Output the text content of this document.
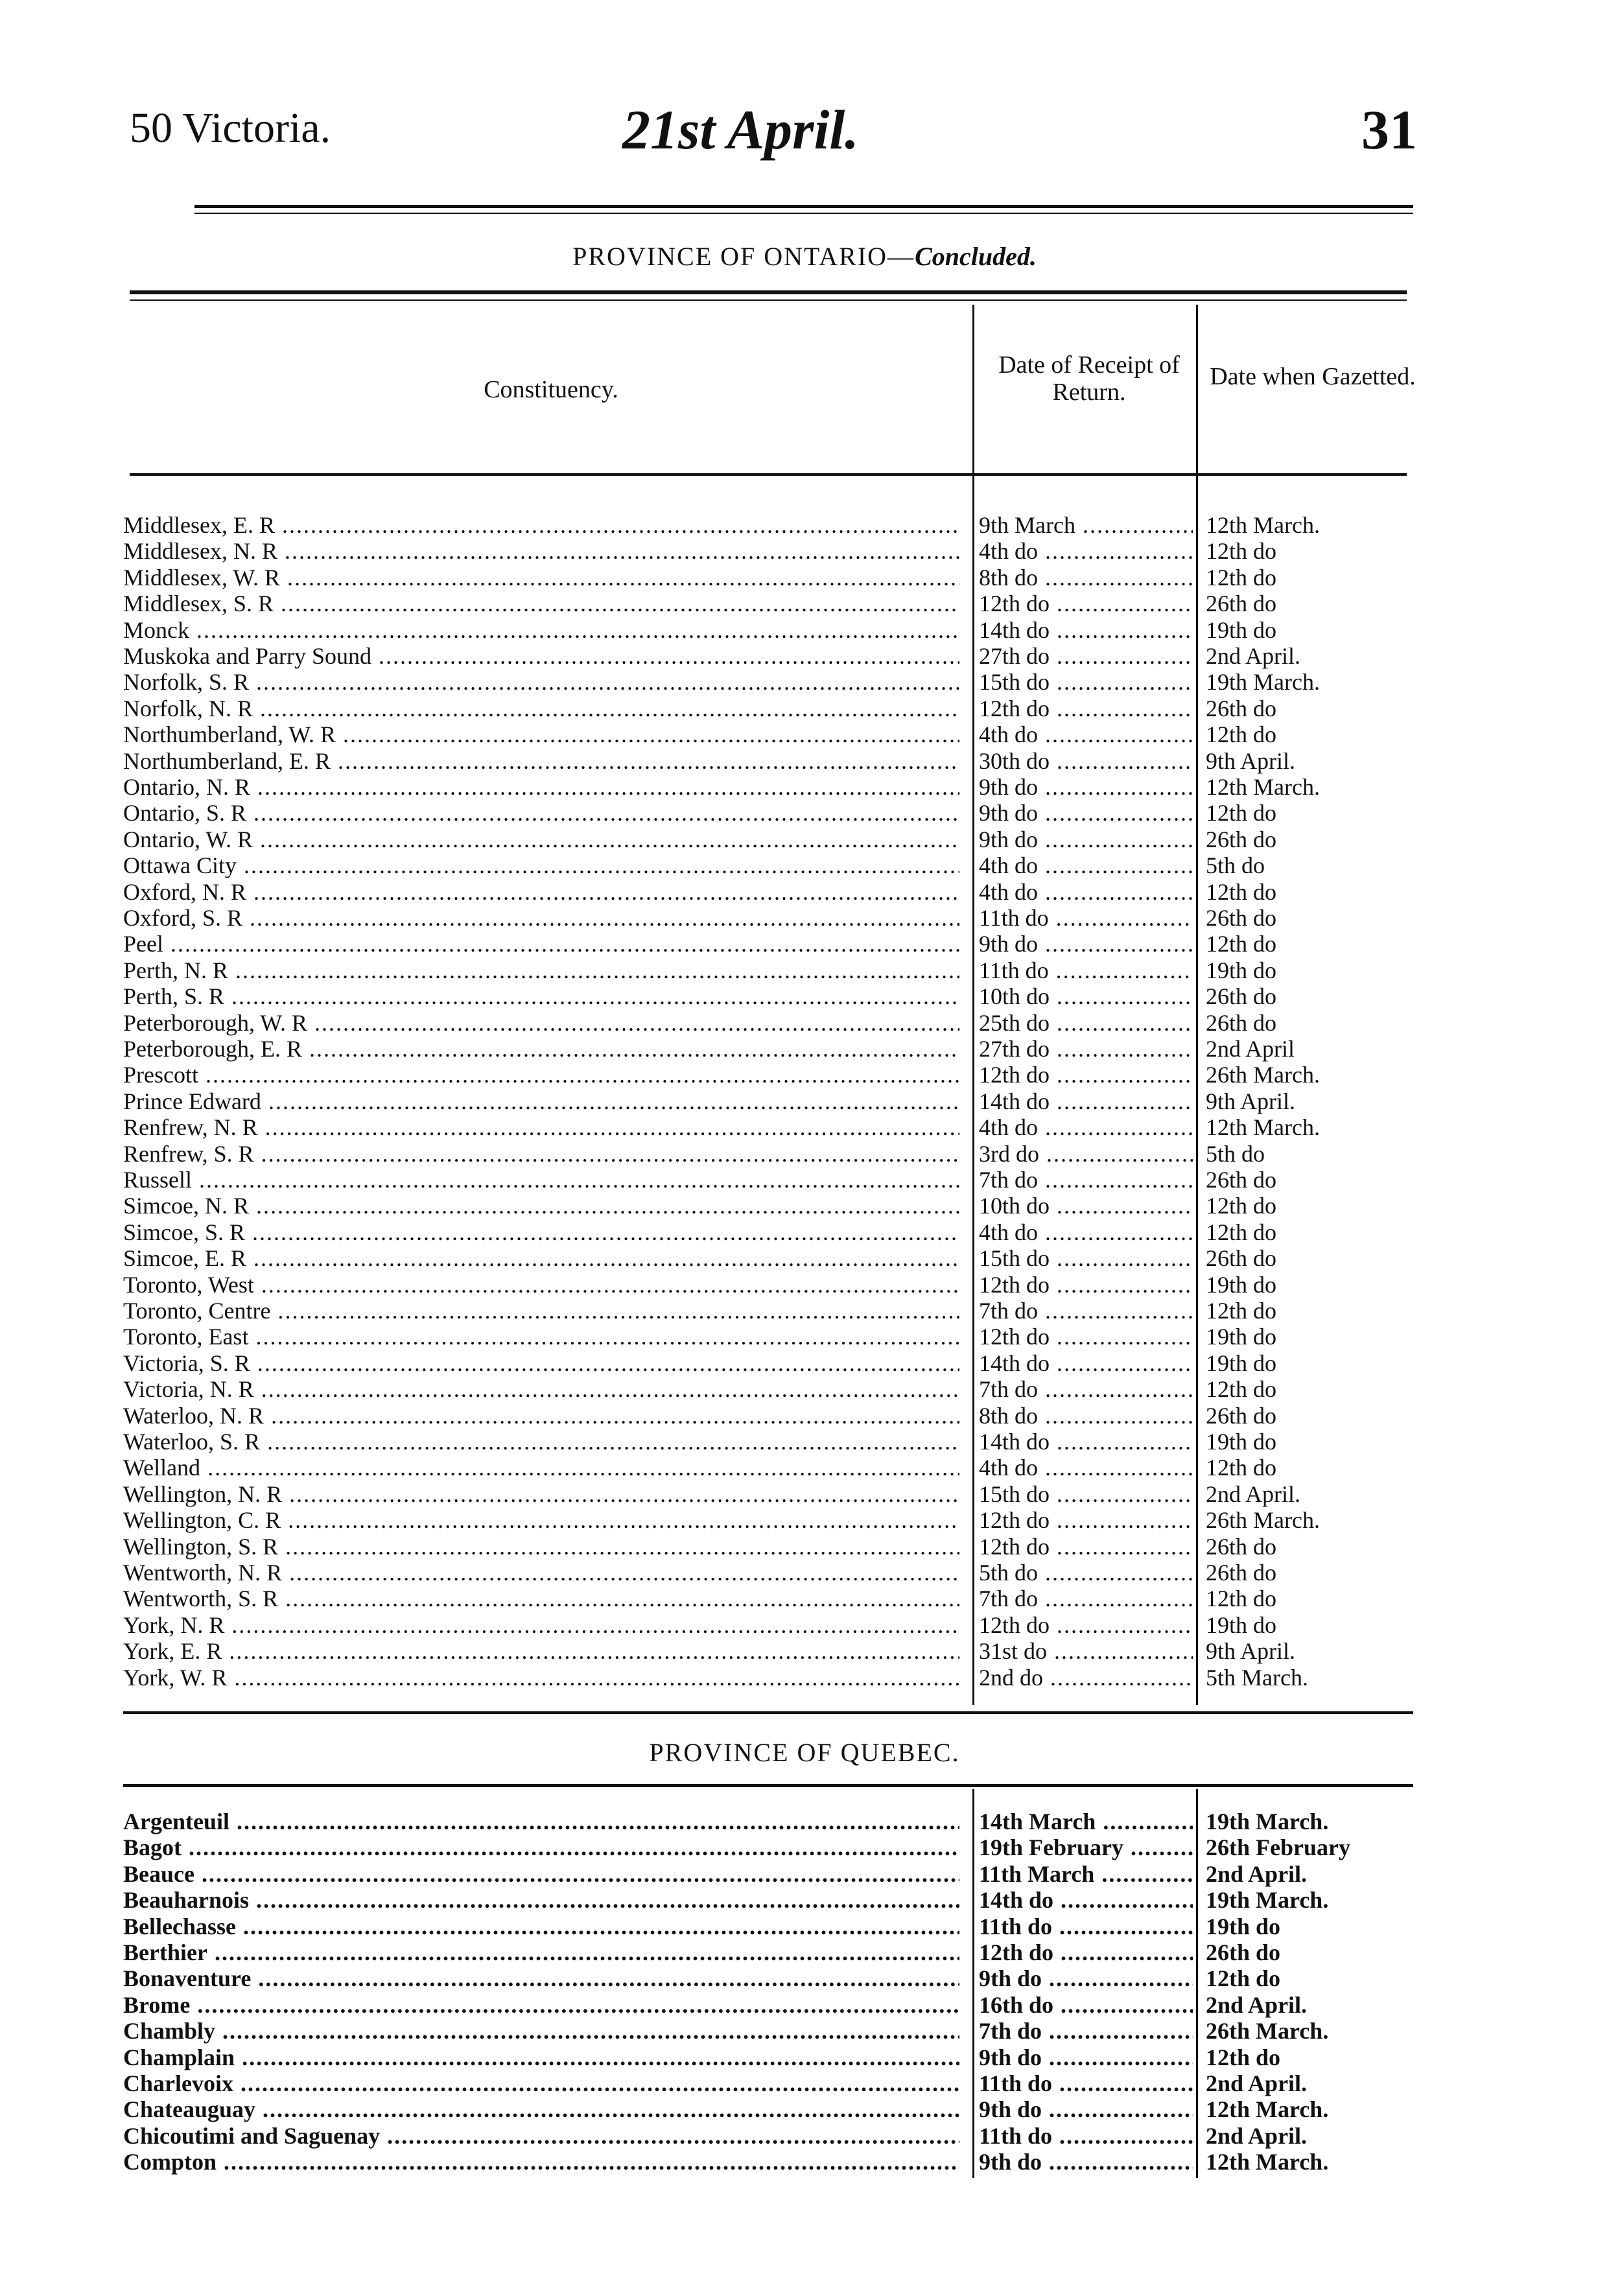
50 Victoria.	21st April.	31
PROVINCE OF ONTARIO—Concluded.
Constituency.
Date of Receipt of Return.
Date when Gazetted.
Middlesex, E. R .....	9th March .....	12th March.
Middlesex, N. R .....	4th do .....	12th do
Middlesex, W. R .....	8th do .....	12th do
Middlesex, S. R .....	12th do .....	26th do
Monck .....	14th do .....	19th do
Muskoka and Parry Sound .....	27th do .....	2nd April.
Norfolk, S. R .....	15th do .....	19th March.
Norfolk, N. R .....	12th do .....	26th do
Northumberland, W. R .....	4th do .....	12th do
Northumberland, E. R .....	30th do .....	9th April.
Ontario, N. R .....	9th do .....	12th March.
Ontario, S. R .....	9th do .....	12th do
Ontario, W. R .....	9th do .....	26th do
Ottawa City .....	4th do .....	5th do
Oxford, N. R .....	4th do .....	12th do
Oxford, S. R .....	11th do .....	26th do
Peel .....	9th do .....	12th do
Perth, N. R .....	11th do .....	19th do
Perth, S. R .....	10th do .....	26th do
Peterborough, W. R .....	25th do .....	26th do
Peterborough, E. R .....	27th do .....	2nd April
Prescott .....	12th do .....	26th March.
Prince Edward .....	14th do .....	9th April.
Renfrew, N. R .....	4th do .....	12th March.
Renfrew, S. R .....	3rd do .....	5th do
Russell .....	7th do .....	26th do
Simcoe, N. R .....	10th do .....	12th do
Simcoe, S. R .....	4th do .....	12th do
Simcoe, E. R .....	15th do .....	26th do
Toronto, West .....	12th do .....	19th do
Toronto, Centre .....	7th do .....	12th do
Toronto, East .....	12th do .....	19th do
Victoria, S. R .....	14th do .....	19th do
Victoria, N. R .....	7th do .....	12th do
Waterloo, N. R .....	8th do .....	26th do
Waterloo, S. R .....	14th do .....	19th do
Welland .....	4th do .....	12th do
Wellington, N. R .....	15th do .....	2nd April.
Wellington, C. R .....	12th do .....	26th March.
Wellington, S. R .....	12th do .....	26th do
Wentworth, N. R .....	5th do .....	26th do
Wentworth, S. R .....	7th do .....	12th do
York, N. R .....	12th do .....	19th do
York, E. R .....	31st do .....	9th April.
York, W. R .....	2nd do .....	5th March.
PROVINCE OF QUEBEC.
Argenteuil .....	14th March .....	19th March.
Bagot .....	19th February .....	26th February
Beauce .....	11th March .....	2nd April.
Beauharnois .....	14th do .....	19th March.
Bellechasse .....	11th do .....	19th do
Berthier .....	12th do .....	26th do
Bonaventure .....	9th do .....	12th do
Brome .....	16th do .....	2nd April.
Chambly .....	7th do .....	26th March.
Champlain .....	9th do .....	12th do
Charlevoix .....	11th do .....	2nd April.
Chateauguay .....	9th do .....	12th March.
Chicoutimi and Saguenay .....	11th do .....	2nd April.
Compton .....	9th do .....	12th March.
